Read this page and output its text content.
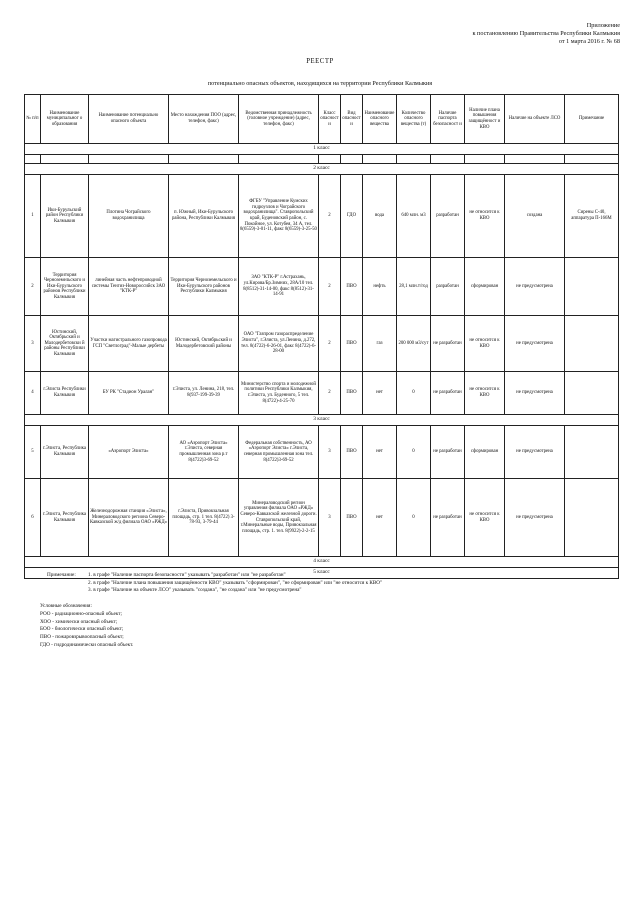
Приложение
к постановлению Правительства Республики Калмыкия
от 1 марта 2016 г. № 68
РЕЕСТР
потенциально опасных объектов, находящихся на территории Республики Калмыкия
№ п/п	Наименование муниципальног о образования	Наименование потенциально опасного объекта	Место нахождения ПОО (адрес, телефон, факс)	Ведомственная принадлежность (головное учреждение) (адрес, телефон, факс)	Класс опасности	Вид опасности	Наименование опасного вещества	Количество опасного вещества (т)	Наличие паспорта безопасност и	Наличие плана повышения защищённост и КВО	Наличие на объекте ЛСО	Примечание
1 класс												

2 класс												
1	Ики-Бурульский район Республики Калмыкия	Плотина Чограйского водохранилища	п. Южный, Ики-Бурульского района, Республики Калмыкия	ФГБУ "Управление Кумских гидроузлов и Чограйского водохранилища". Ставропольский край, Буденовский район, с. Покойное, ул. Котубея, 34 А, тел. 8(6559)-3-01-11, факс 8(6559)-3-25-50	2	ГДО	вода	640 млн. м3	разработан	не относится к КВО	создана	Сирены С-40, аппаратура П-166М
2	Территория Черноземельского и Ики-Бурульского районов Республики Калмыкия	линейная часть нефтепроводной системы Тенгиз-Новороссийск ЗАО "КТК-Р"	Территория Черноземельского и Ики-Бурульского районов Республики Калмыкия	ЗАО "КТК-Р" г.Астрахань, ул.Кирова/Бр.Зимних, 28А/10 тел. 8(8512)-31-14-00, факс 8(8512)-31-14-91	2	ПВО	нефть	28,1 млн.т/год	разработан	сформирован	не предусмотрена	
3	Юстинский, Октябрьский и Малодербетовски й районы Республики Калмыкия	Участки магистрального газопровода ГСП "Светлоград"-Малые дербеты	Юстинский, Октябрьский и Малодербетовский районы	ОАО "Газпром газораспределение Элиста", г.Элиста, ул.Ленина, д.272, тел. 8(4722)-6-26-01, факс 8(4722)-6-28-00	2	ПВО	газ	200 000 м3/сут	не разработан	не относится к КВО	не предусмотрена	
4	г.Элиста Республики Калмыкия	БУ РК "Стадион Уралан"	г.Элиста, ул. Ленина, 218, тел. 8(937-199-39-39	Министерство спорта и молодежной политики Республики Калмыкия, г.Элиста, ул. Буденного, 5 тел. 8(4722)-4-25-70	2	ПВО	нет	0	не разработан	не относится к КВО	не предусмотрена	
3 класс												
5	г.Элиста, Республика Калмыкия	«Аэропорт Элиста»	АО «Аэропорт Элиста» г.Элиста, северная промышленная зона р.т 8(4722)3-69-52	Федеральная собственность, АО «Аэропорт Элиста» г.Элиста, северная промышленная зона тел. 8(4722)3-69-52	3	ПВО	нет	0	не разработан	сформирован	не предусмотрена	
6	г.Элиста, Республика Калмыкия	Железнодорожная станция «Элиста», Минерaловодского региона Северо-Кавказской ж/д филиала ОАО «РЖД»	г.Элиста, Привокзальная площадь, стр. 1 тел. 8(4722) 3-78-93, 3-79-44	Минераловодский регион управления филиала ОАО «РЖД» Северо-Кавказской железной дороги. Ставропольский край, г.Минеральные воды, Привокзальная площадь, стр. 1. тел. 8(9922)-2-2-15	3	ПВО	нет	0	не разработан	не относится к КВО	не предусмотрена	
4 класс												
5 класс												
Примечание: 1. в графе "Наличие паспорта безопасности" указывать "разработан" или "не разработан"
2. в графе "Наличие плана повышения защищённости КВО" указывать "сформирован", "не сформирован" или "не относится к КВО"
3. в графе "Наличие на объекте ЛСО" указывать "создана", "не создана" или "не предусмотрена"
Условные обозначения:
РОО - радиационно-опасный объект;
ХОО - химически опасный объект;
БОО - биологически опасный объект;
ПВО - пожаровзрывоопасный объект;
ГДО - гидродинамически опасный объект.
